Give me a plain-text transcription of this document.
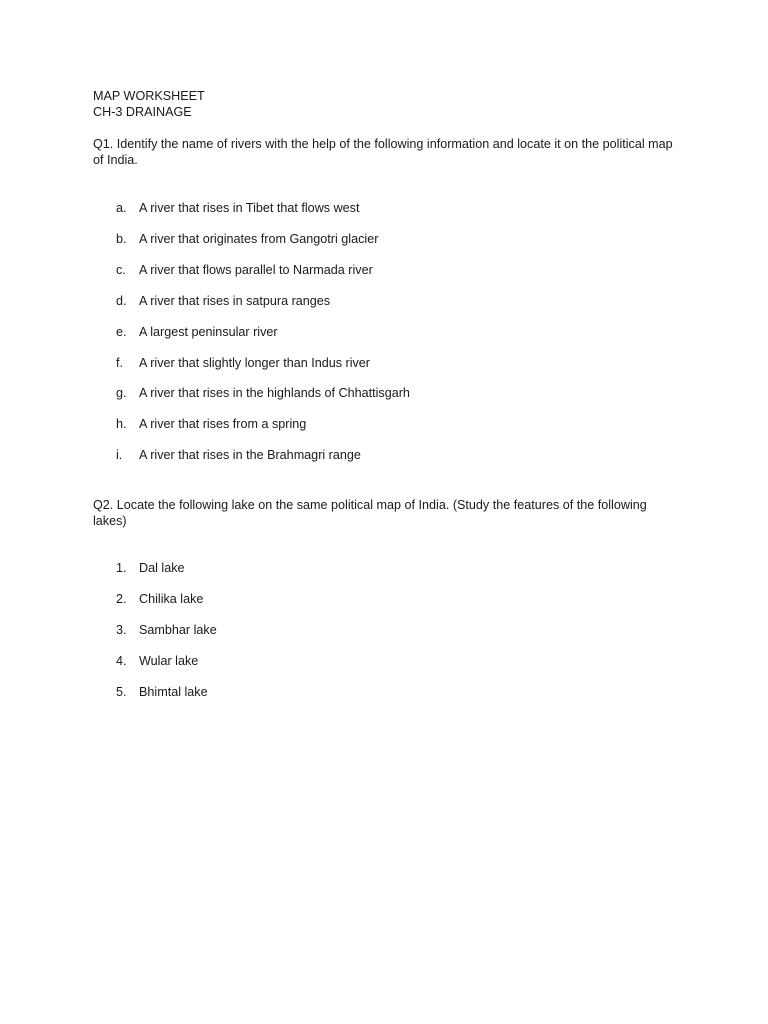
MAP WORKSHEET
CH-3 DRAINAGE
Q1. Identify the name of rivers with the help of the following information and locate it on the political map of India.
a. A river that rises in Tibet that flows west
b. A river that originates from Gangotri glacier
c. A river that flows parallel to Narmada river
d. A river that rises in satpura ranges
e. A largest peninsular river
f. A river that slightly longer than Indus river
g. A river that rises in the highlands of Chhattisgarh
h. A river that rises from a spring
i. A river that rises in the Brahmagri range
Q2. Locate the following lake on the same political map of India. (Study the features of the following lakes)
1. Dal lake
2. Chilika lake
3. Sambhar lake
4. Wular lake
5. Bhimtal lake
